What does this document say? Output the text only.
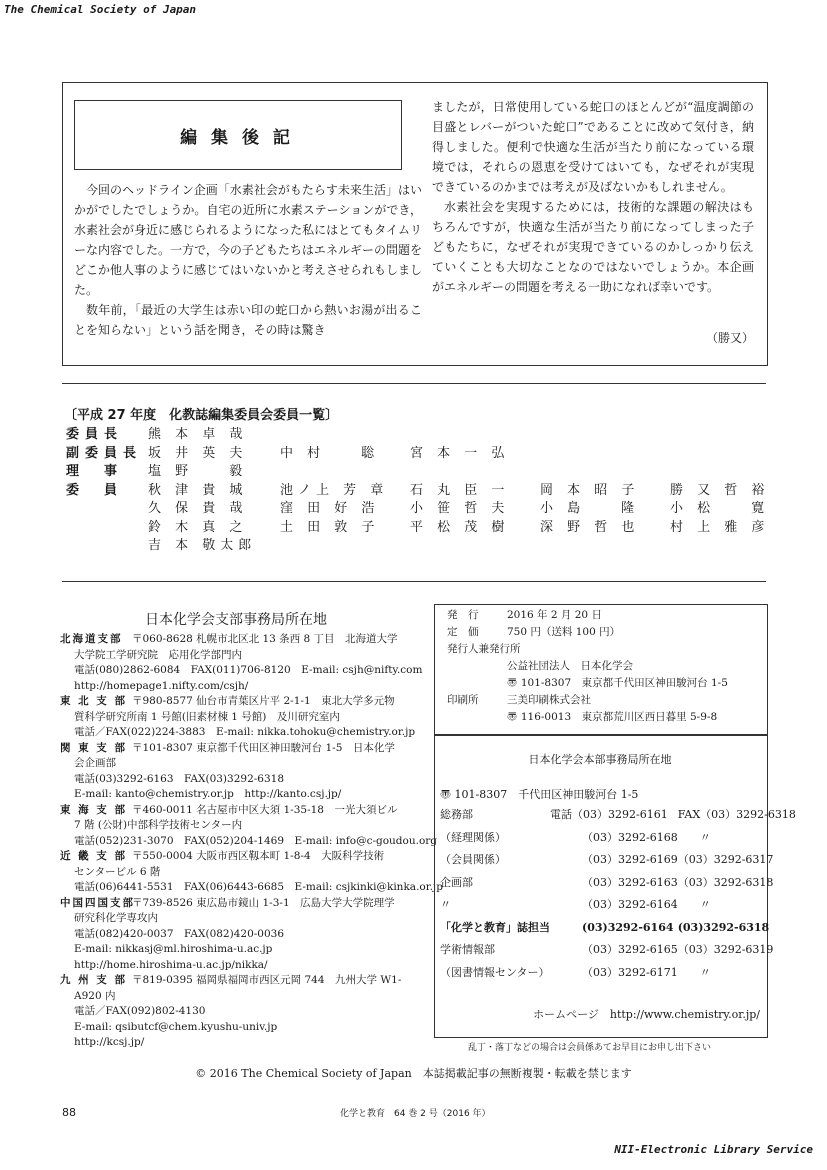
The Chemical Society of Japan
編 集 後 記

今回のヘッドライン企画「水素社会がもたらす未来生活」はいかがでしたでしょうか。自宅の近所に水素ステーションができ，水素社会が身近に感じられるようになった私にはとてもタイムリーな内容でした。一方で，今の子どもたちはエネルギーの問題をどこか他人事のように感じてはいないかと考えさせられもしました。

数年前，「最近の大学生は赤い印の蛇口から熱いお湯が出ることを知らない」という話を聞き，その時は驚き

ましたが，日常使用している蛇口のほとんどが“温度調節の目盛とレバーがついた蛇口”であることに改めて気付き，納得しました。便利で快適な生活が当たり前になっている環境では，それらの恩恵を受けてはいても，なぜそれが実現できているのかまでは考えが及ばないかもしれません。

水素社会を実現するためには，技術的な課題の解決はもちろんですが，快適な生活が当たり前になってしまった子どもたちに，なぜそれが実現できているのかしっかり伝えていくことも大切なことなのではないでしょうか。本企画がエネルギーの問題を考える一助になれば幸いです。

（勝又）
〔平成 27 年度　化教誌編集委員会委員一覧〕
委員長	熊 本 卓 哉				
副委員長	坂 井 英 夫	中 村　　聡	宮 本 一 弘		
理　事	塩 野　　毅				
委　員	秋 津 貴 城	池ノ上 芳 章	石 丸 臣 一	岡 本 昭 子	勝 又 哲 裕
	久 保 貴 哉	窪 田 好 浩	小 笹 哲 夫	小 島　　隆	小 松　　寛
	鈴 木 真 之	土 田 敦 子	平 松 茂 樹	深 野 哲 也	村 上 雅 彦
	吉 本 敬太郎				
日本化学会支部事務局所在地
北海道支部 〒060-8628 札幌市北区北 13 条西 8 丁目　北海道大学
大学院工学研究院　応用化学部門内
電話(080)2862-6084　FAX(011)706-8120　E-mail: csjh@nifty.com
http://homepage1.nifty.com/csjh/
東 北 支 部 〒980-8577 仙台市青葉区片平 2-1-1　東北大学多元物
質科学研究所南 1 号館(旧素材棟 1 号館)　及川研究室内
電話／FAX(022)224-3883　E-mail: nikka.tohoku@chemistry.or.jp
関 東 支 部 〒101-8307 東京都千代田区神田駿河台 1-5　日本化学
会企画部
電話(03)3292-6163　FAX(03)3292-6318
E-mail: kanto@chemistry.or.jp　http://kanto.csj.jp/
東 海 支 部 〒460-0011 名古屋市中区大須 1-35-18　一光大須ビル
7 階 (公財)中部科学技術センター内
電話(052)231-3070　FAX(052)204-1469　E-mail: info@c-goudou.org
近 畿 支 部 〒550-0004 大阪市西区靱本町 1-8-4　大阪科学技術
センタービル 6 階
電話(06)6441-5531　FAX(06)6443-6685　E-mail: csjkinki@kinka.or.jp
中国四国支部〒739-8526 東広島市鏡山 1-3-1　広島大学大学院理学
研究科化学専攻内
電話(082)420-0037　FAX(082)420-0036
E-mail: nikkasj@ml.hiroshima-u.ac.jp
http://home.hiroshima-u.ac.jp/nikka/
九 州 支 部 〒819-0395 福岡県福岡市西区元岡 744　九州大学 W1-
A920 内
電話／FAX(092)802-4130
E-mail: qsibutcf@chem.kyushu-univ.jp
http://kcsj.jp/
発　行	2016 年 2 月 20 日
定　価	750 円（送料 100 円）
発行人兼発行所
公益社団法人　日本化学会
〠 101-8307　東京都千代田区神田駿河台 1-5
印刷所	三美印刷株式会社
〠 116-0013　東京都荒川区西日暮里 5-9-8
日本化学会本部事務局所在地
〠 101-8307　千代田区神田駿河台 1-5
総務部	電話（03）3292-6161	FAX（03）3292-6318
（経理関係）	（03）3292-6168	〃
（会員関係）	（03）3292-6169	（03）3292-6317
企画部	（03）3292-6163	（03）3292-6318
〃	（03）3292-6164	〃
「化学と教育」誌担当	(03)3292-6164	(03)3292-6318
学術情報部	（03）3292-6165	（03）3292-6319
（図書情報センター）	（03）3292-6171	〃
ホームページ　http://www.chemistry.or.jp/
乱丁・落丁などの場合は会員係あてお早目にお申し出下さい
© 2016 The Chemical Society of Japan　本誌掲載記事の無断複製・転載を禁じます
88	化学と教育　64 巻 2 号（2016 年）
NII-Electronic Library Service
